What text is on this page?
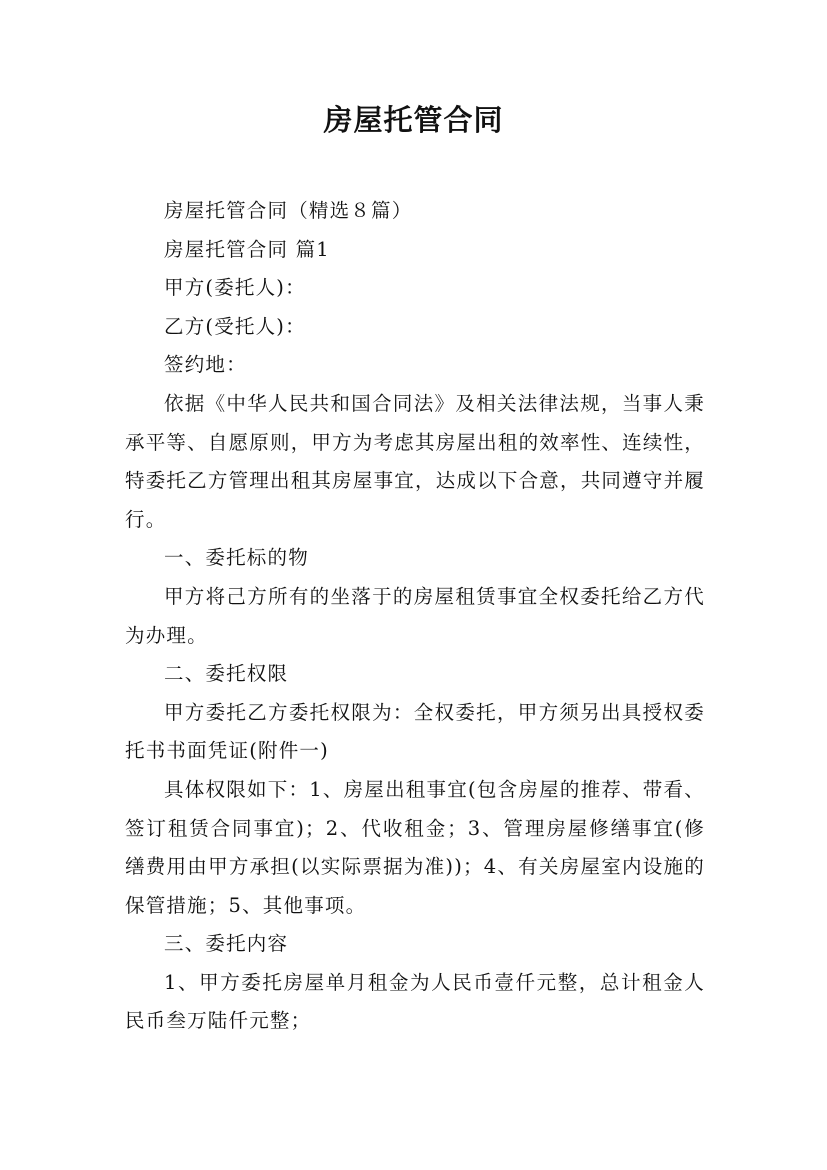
房屋托管合同

房屋托管合同（精选８篇）

房屋托管合同 篇1

甲方(委托人)：

乙方(受托人)：

签约地：

依据《中华人民共和国合同法》及相关法律法规，当事人秉承平等、自愿原则，甲方为考虑其房屋出租的效率性、连续性，特委托乙方管理出租其房屋事宜，达成以下合意，共同遵守并履行。

一、委托标的物

甲方将己方所有的坐落于的房屋租赁事宜全权委托给乙方代为办理。

二、委托权限

甲方委托乙方委托权限为：全权委托，甲方须另出具授权委托书书面凭证(附件一)

具体权限如下：1、房屋出租事宜(包含房屋的推荐、带看、签订租赁合同事宜)；2、代收租金；3、管理房屋修缮事宜(修缮费用由甲方承担(以实际票据为准))；4、有关房屋室内设施的保管措施；5、其他事项。

三、委托内容

1、甲方委托房屋单月租金为人民币壹仟元整，总计租金人民币叁万陆仟元整；
